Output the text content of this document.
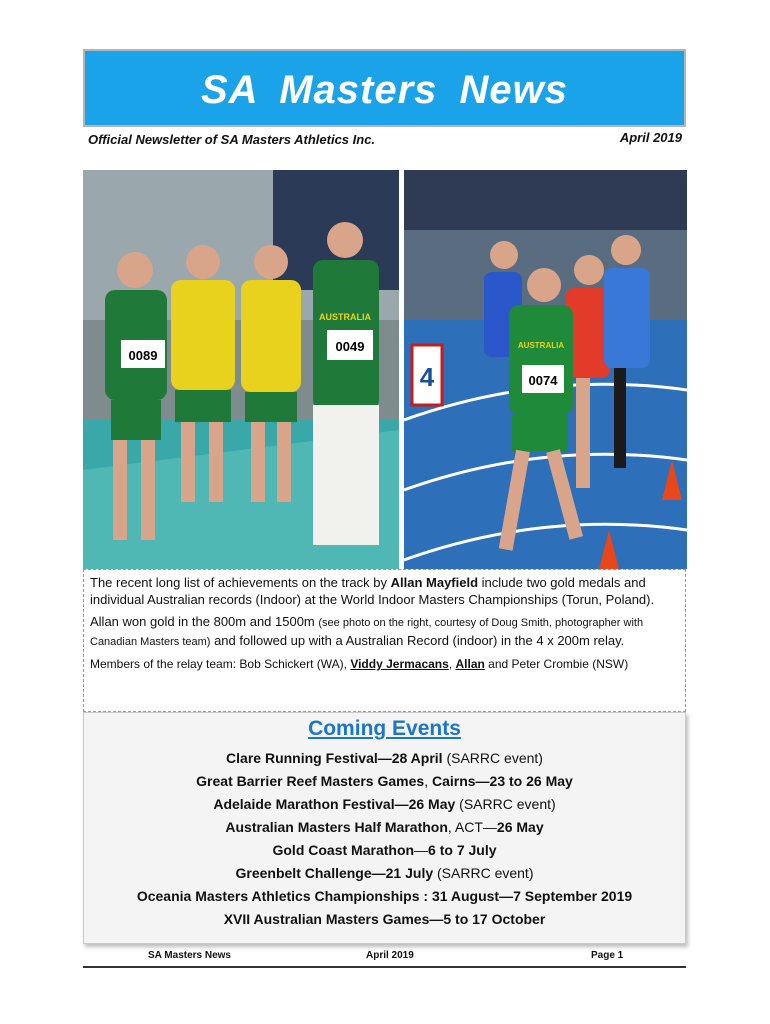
SA Masters News
Official Newsletter of SA Masters Athletics Inc.	April 2019
0089
0049
AUSTRALIA
4	0074
AUSTRALIA

The recent long list of achievements on the track by Allan Mayfield include two gold medals and individual Australian records (Indoor) at the World Indoor Masters Championships (Torun, Poland).

Allan won gold in the 800m and 1500m (see photo on the right, courtesy of Doug Smith, photographer with Canadian Masters team) and followed up with a Australian Record (indoor) in the 4 x 200m relay.

Members of the relay team: Bob Schickert (WA), Viddy Jermacans, Allan and Peter Crombie (NSW)

Coming Events
Clare Running Festival—28 April (SARRC event)
Great Barrier Reef Masters Games, Cairns—23 to 26 May
Adelaide Marathon Festival—26 May (SARRC event)
Australian Masters Half Marathon, ACT—26 May
Gold Coast Marathon—6 to 7 July
Greenbelt Challenge—21 July (SARRC event)
Oceania Masters Athletics Championships : 31 August—7 September 2019
XVII Australian Masters Games—5 to 17 October
SA Masters News	April 2019	Page 1
